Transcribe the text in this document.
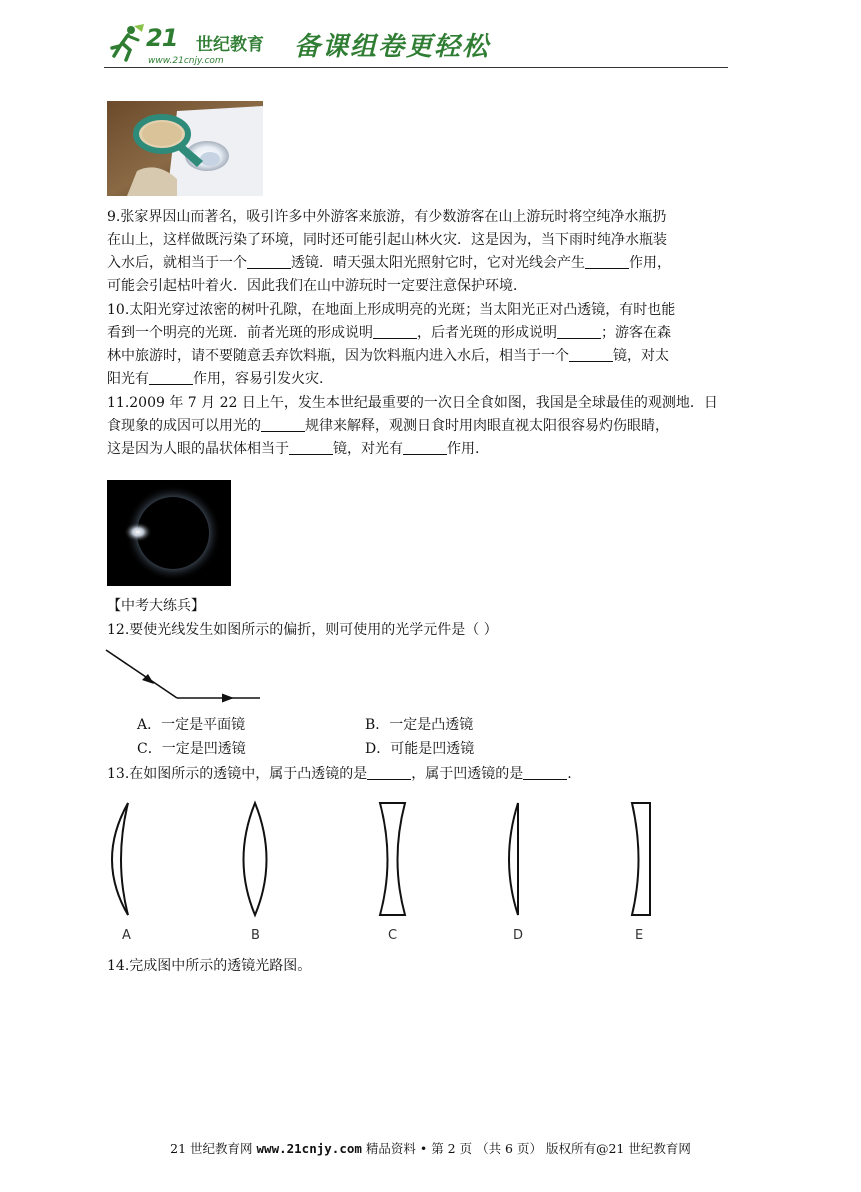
21 世纪教育
www.21cnjy.com	备课组卷更轻松
9.张家界因山而著名，吸引许多中外游客来旅游，有少数游客在山上游玩时将空纯净水瓶扔
在山上，这样做既污染了环境，同时还可能引起山林火灾．这是因为，当下雨时纯净水瓶装
入水后，就相当于一个	透镜．晴天强太阳光照射它时，它对光线会产生	作用，
可能会引起枯叶着火．因此我们在山中游玩时一定要注意保护环境．
10.太阳光穿过浓密的树叶孔隙，在地面上形成明亮的光斑；当太阳光正对凸透镜，有时也能
看到一个明亮的光斑．前者光斑的形成说明	，后者光斑的形成说明	；游客在森
林中旅游时，请不要随意丢弃饮料瓶，因为饮料瓶内进入水后，相当于一个	镜，对太
阳光有	作用，容易引发火灾.
11.2009 年 7 月 22 日上午，发生本世纪最重要的一次日全食如图，我国是全球最佳的观测地．日
食现象的成因可以用光的	规律来解释，观测日食时用肉眼直视太阳很容易灼伤眼睛，
这是因为人眼的晶状体相当于	镜，对光有	作用.
【中考大练兵】
12.要使光线发生如图所示的偏折，则可使用的光学元件是（ ）
A．一定是平面镜	B．一定是凸透镜
C．一定是凹透镜	D．可能是凹透镜
13.在如图所示的透镜中，属于凸透镜的是	，属于凹透镜的是	.
A	B	C	D	E
14.完成图中所示的透镜光路图。
21 世纪教育网 www.21cnjy.com 精品资料 • 第 2 页 （共 6 页） 版权所有@21 世纪教育网
